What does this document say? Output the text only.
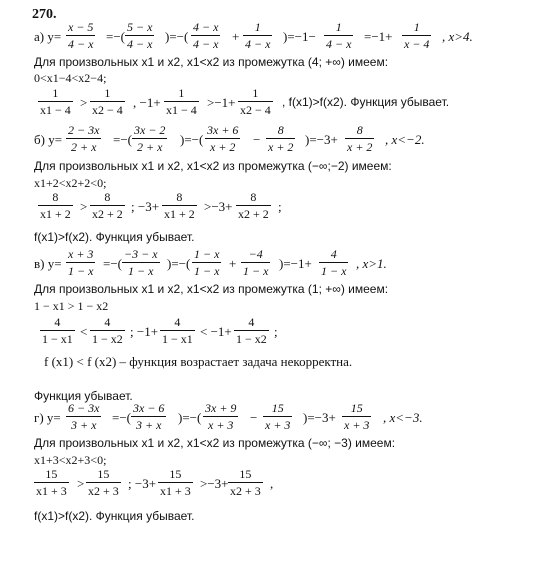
270.
а) y=
x − 5
4 − x =−(
5 − x
4 − x )=−(
4 − x
4 − x +
1
4 − x )=−1−
1
4 − x =−1+
1
x − 4 , x>4.
Для произвольных x1 и x2, x1<x2 из промежутка (4; +∞) имеем:
0<x1−4<x2−4;
1
x1 − 4 >
1
x2 − 4 , −1+
1
x1 − 4 >−1+
1
x2 − 4
, f(x1)>f(x2). Функция убывает.
б) y=
2 − 3x
2 + x	=−(
3x − 2
2 + x	)=−(
3x + 6
x + 2	−
8
x + 2 )=−3+
8
x + 2 , x<−2.
Для произвольных x1 и x2, x1<x2 из промежутка (−∞;−2) имеем:
x1+2<x2+2<0;
8
x1 + 2 >
8
x2 + 2 ; −3+
8
x1 + 2 >−3+
8
x2 + 2 ;
f(x1)>f(x2). Функция убывает.
в) y=
x + 3
1 − x =−(
−3 − x
1 − x	)=−(
1 − x
1 − x +
−4
1 − x )=−1+
4
1 − x , x>1.
Для произвольных x1 и x2, x1<x2 из промежутка (1; +∞) имеем:
1 − x1 > 1 − x2
4
1 − x1 <
4
1 − x2 ; −1+
4
1 − x1 < −1+
4
1 − x2 ;
f (x1) < f (x2) – функция возрастает задача некорректна.
Функция убывает.
г) y=
6 − 3x
3 + x	=−(
3x − 6
3 + x	)=−(
3x + 9
x + 3	−
15
x + 3 )=−3+
15
x + 3 , x<−3.
Для произвольных x1 и x2, x1<x2 из промежутка (−∞; −3) имеем:
x1+3<x2+3<0;
15
x1 + 3 >
15
x2 + 3 ; −3+
15
x1 + 3 >−3+
15
x2 + 3 ,
f(x1)>f(x2). Функция убывает.
